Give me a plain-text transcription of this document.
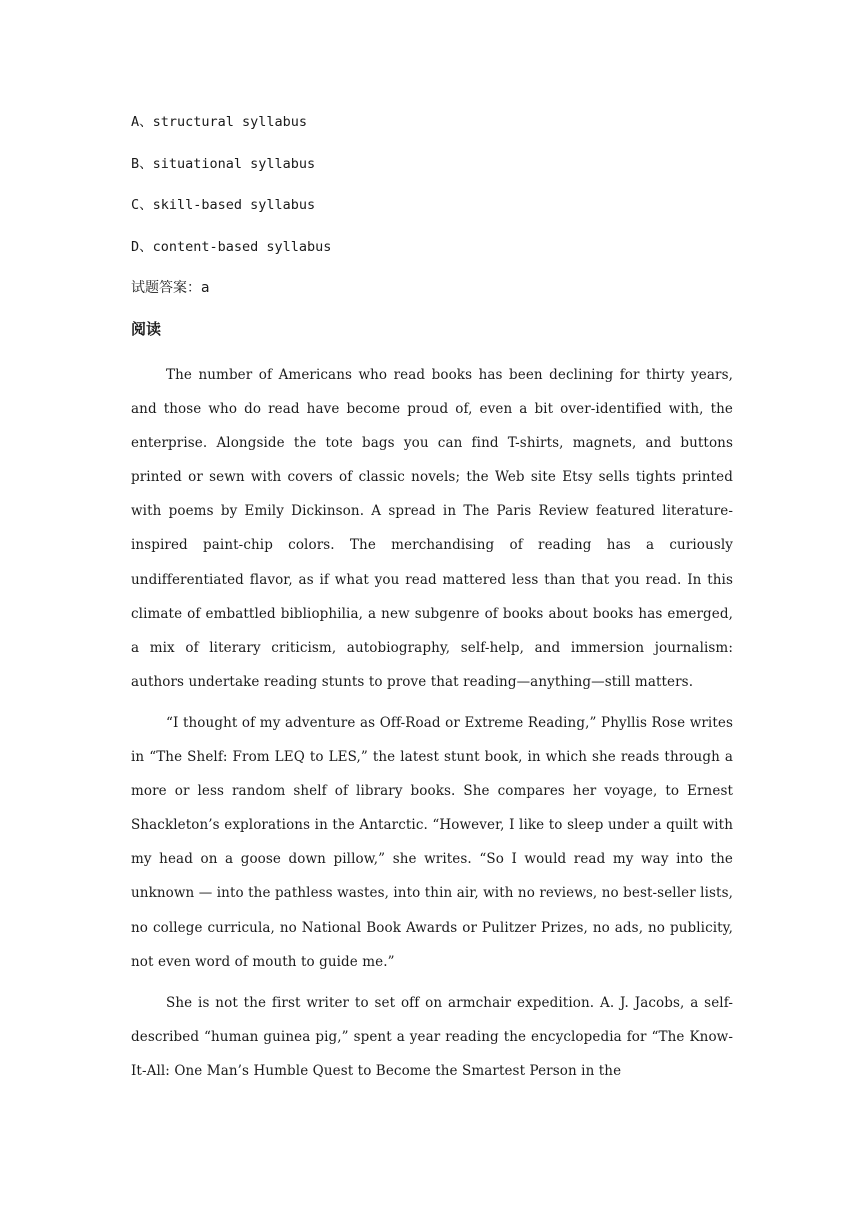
A、structural syllabus

B、situational syllabus

C、skill-based syllabus

D、content-based syllabus

试题答案：a

阅读

The number of Americans who read books has been declining for thirty years, and those who do read have become proud of, even a bit over-identified with, the enterprise. Alongside the tote bags you can find T-shirts, magnets, and buttons printed or sewn with covers of classic novels; the Web site Etsy sells tights printed with poems by Emily Dickinson. A spread in The Paris Review featured literature-inspired paint-chip colors. The merchandising of reading has a curiously undifferentiated flavor, as if what you read mattered less than that you read. In this climate of embattled bibliophilia, a new subgenre of books about books has emerged, a mix of literary criticism, autobiography, self-help, and immersion journalism: authors undertake reading stunts to prove that reading—anything—still matters.

“I thought of my adventure as Off-Road or Extreme Reading,” Phyllis Rose writes in “The Shelf: From LEQ to LES,” the latest stunt book, in which she reads through a more or less random shelf of library books. She compares her voyage, to Ernest Shackleton’s explorations in the Antarctic. “However, I like to sleep under a quilt with my head on a goose down pillow,” she writes. “So I would read my way into the unknown — into the pathless wastes, into thin air, with no reviews, no best-seller lists, no college curricula, no National Book Awards or Pulitzer Prizes, no ads, no publicity, not even word of mouth to guide me.”

She is not the first writer to set off on armchair expedition. A. J. Jacobs, a self-described “human guinea pig,” spent a year reading the encyclopedia for “The Know-It-All: One Man’s Humble Quest to Become the Smartest Person in the
